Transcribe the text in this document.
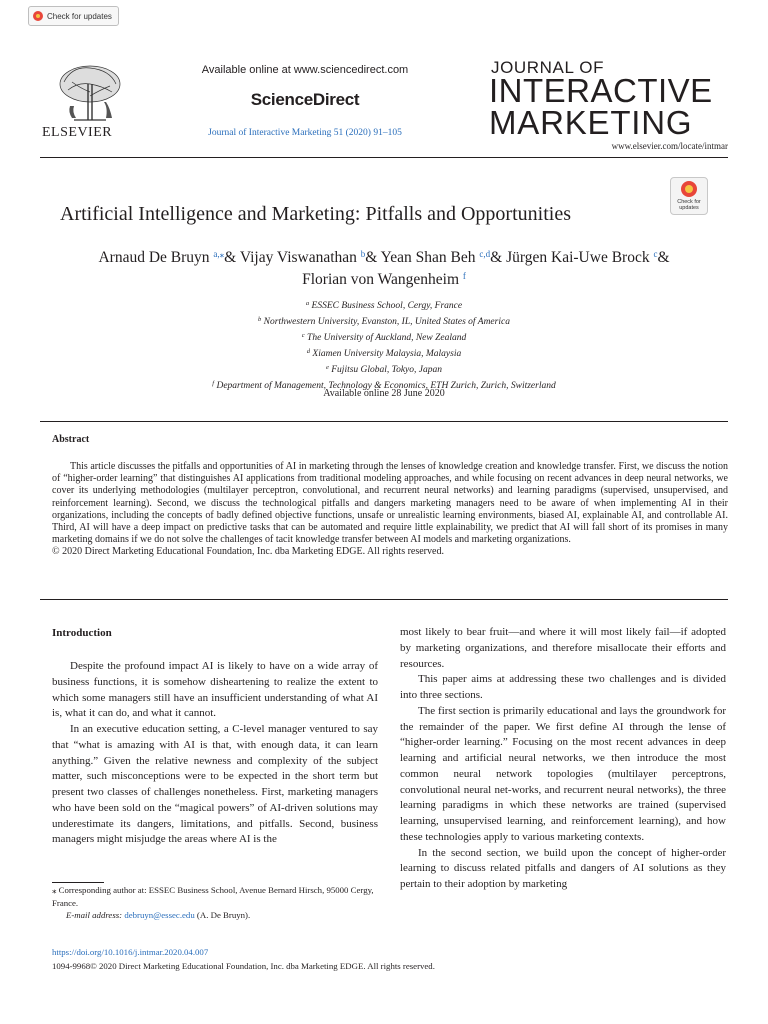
Check for updates
ELSEVIER
Available online at www.sciencedirect.com
ScienceDirect
Journal of Interactive Marketing 51 (2020) 91–105
JOURNAL OF
INTERACTIVE
MARKETING
www.elsevier.com/locate/intmar
Check for updates
Artificial Intelligence and Marketing: Pitfalls and Opportunities
Arnaud De Bruyn $^{a,⁎}$& Vijay Viswanathan $^b$& Yean Shan Beh $^{c,d}$& Jürgen Kai-Uwe Brock $^c$&
Florian von Wangenheim $^f$
$^a$ ESSEC Business School, Cergy, France
$^b$ Northwestern University, Evanston, IL, United States of America
$^c$ The University of Auckland, New Zealand
$^d$ Xiamen University Malaysia, Malaysia
$^e$ Fujitsu Global, Tokyo, Japan
$^f$ Department of Management, Technology & Economics, ETH Zurich, Zurich, Switzerland
Available online 28 June 2020
Abstract

This article discusses the pitfalls and opportunities of AI in marketing through the lenses of knowledge creation and knowledge transfer. First, we discuss the notion of “higher-order learning” that distinguishes AI applications from traditional modeling approaches, and while focusing on recent advances in deep neural networks, we cover its underlying methodologies (multilayer perceptron, convolutional, and recurrent neural networks) and learning paradigms (supervised, unsupervised, and reinforcement learning). Second, we discuss the technological pitfalls and dangers marketing managers need to be aware of when implementing AI in their organizations, including the concepts of badly defined objective functions, unsafe or unrealistic learning environments, biased AI, explainable AI, and controllable AI. Third, AI will have a deep impact on predictive tasks that can be automated and require little explainability, we predict that AI will fall short of its promises in many marketing domains if we do not solve the challenges of tacit knowledge transfer between AI models and marketing organizations.

© 2020 Direct Marketing Educational Foundation, Inc. dba Marketing EDGE. All rights reserved.

Introduction

Despite the profound impact AI is likely to have on a wide array of business functions, it is somehow disheartening to realize the extent to which some managers still have an insufficient understanding of what AI is, what it can do, and what it cannot.

In an executive education setting, a C-level manager ventured to say that “what is amazing with AI is that, with enough data, it can learn anything.” Given the relative newness and complexity of the subject matter, such misconceptions were to be expected in the short term but present two classes of challenges nonetheless. First, marketing managers who have been sold on the “magical powers” of AI-driven solutions may underestimate its dangers, limitations, and pitfalls. Second, business managers might misjudge the areas where AI is the

most likely to bear fruit—and where it will most likely fail—if adopted by marketing organizations, and therefore misallocate their efforts and resources.

This paper aims at addressing these two challenges and is divided into three sections.

The first section is primarily educational and lays the groundwork for the remainder of the paper. We first define AI through the lense of “higher-order learning.” Focusing on the most recent advances in deep learning and artificial neural networks, we then introduce the most common neural network topologies (multilayer perceptrons, convolutional neural net-works, and recurrent neural networks), the three learning paradigms in which these networks are trained (supervised learning, unsupervised learning, and reinforcement learning), and how these technologies apply to various marketing contexts.

In the second section, we build upon the concept of higher-order learning to discuss related pitfalls and dangers of AI solutions as they pertain to their adoption by marketing

⁎ Corresponding author at: ESSEC Business School, Avenue Bernard Hirsch, 95000 Cergy, France.
E-mail address: debruyn@essec.edu (A. De Bruyn).
https://doi.org/10.1016/j.intmar.2020.04.007
1094-9968© 2020 Direct Marketing Educational Foundation, Inc. dba Marketing EDGE. All rights reserved.
